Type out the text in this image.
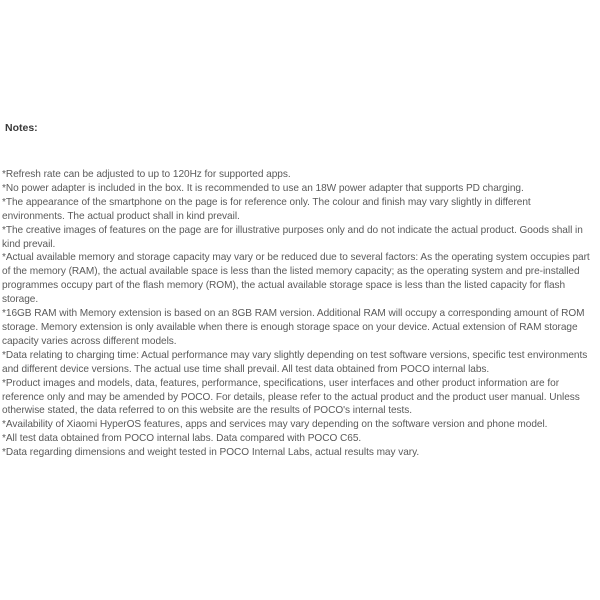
Notes:
*Refresh rate can be adjusted to up to 120Hz for supported apps.
*No power adapter is included in the box. It is recommended to use an 18W power adapter that supports PD charging.
*The appearance of the smartphone on the page is for reference only. The colour and finish may vary slightly in different environments. The actual product shall in kind prevail.
*The creative images of features on the page are for illustrative purposes only and do not indicate the actual product. Goods shall in kind prevail.
*Actual available memory and storage capacity may vary or be reduced due to several factors: As the operating system occupies part of the memory (RAM), the actual available space is less than the listed memory capacity; as the operating system and pre-installed programmes occupy part of the flash memory (ROM), the actual available storage space is less than the listed capacity for flash storage.
*16GB RAM with Memory extension is based on an 8GB RAM version. Additional RAM will occupy a corresponding amount of ROM storage. Memory extension is only available when there is enough storage space on your device. Actual extension of RAM storage capacity varies across different models.
*Data relating to charging time: Actual performance may vary slightly depending on test software versions, specific test environments and different device versions. The actual use time shall prevail. All test data obtained from POCO internal labs.
*Product images and models, data, features, performance, specifications, user interfaces and other product information are for reference only and may be amended by POCO. For details, please refer to the actual product and the product user manual. Unless otherwise stated, the data referred to on this website are the results of POCO's internal tests.
*Availability of Xiaomi HyperOS features, apps and services may vary depending on the software version and phone model.
*All test data obtained from POCO internal labs. Data compared with POCO C65.
*Data regarding dimensions and weight tested in POCO Internal Labs, actual results may vary.
